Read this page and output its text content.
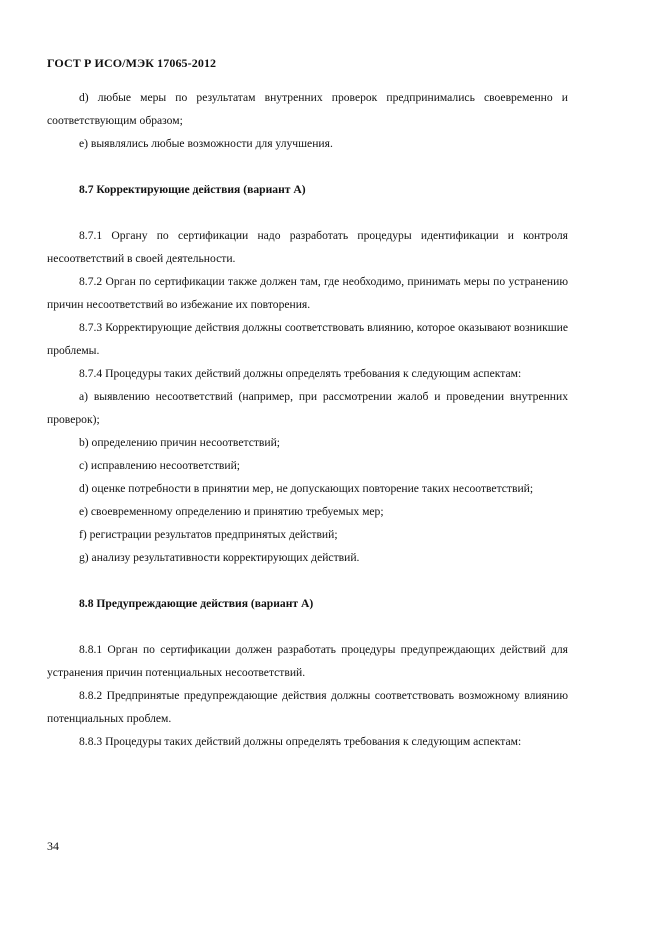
ГОСТ Р ИСО/МЭК 17065-2012

d) любые меры по результатам внутренних проверок предпринимались своевременно и соответствующим образом;

e) выявлялись любые возможности для улучшения.

8.7 Корректирующие действия (вариант А)

8.7.1 Органу по сертификации надо разработать процедуры идентификации и контроля несоответствий в своей деятельности.

8.7.2 Орган по сертификации также должен там, где необходимо, принимать меры по устранению причин несоответствий во избежание их повторения.

8.7.3 Корректирующие действия должны соответствовать влиянию, которое оказывают возникшие проблемы.

8.7.4 Процедуры таких действий должны определять требования к следующим аспектам:

a) выявлению несоответствий (например, при рассмотрении жалоб и проведении внутренних проверок);

b) определению причин несоответствий;

c) исправлению несоответствий;

d) оценке потребности в принятии мер, не допускающих повторение таких несоответствий;

e) своевременному определению и принятию требуемых мер;

f) регистрации результатов предпринятых действий;

g) анализу результативности корректирующих действий.

8.8 Предупреждающие действия (вариант А)

8.8.1 Орган по сертификации должен разработать процедуры предупреждающих действий для устранения причин потенциальных несоответствий.

8.8.2 Предпринятые предупреждающие действия должны соответствовать возможному влиянию потенциальных проблем.

8.8.3 Процедуры таких действий должны определять требования к следующим аспектам:

34
